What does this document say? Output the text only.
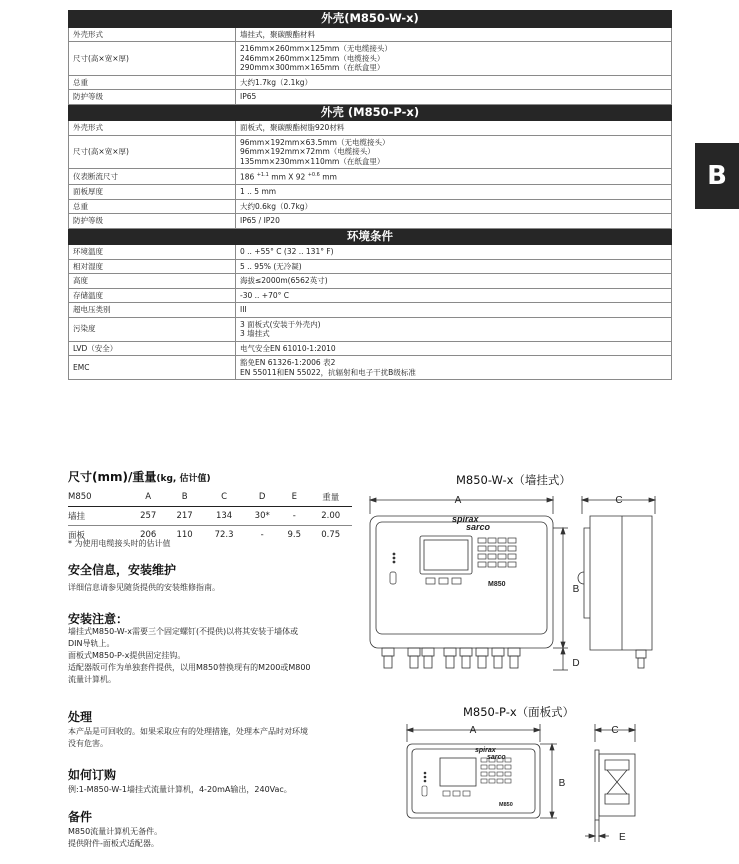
B
外壳(M850-W-x)	
外壳形式	墙挂式，聚碳酸酯材料
尺寸(高×宽×厚)	216mm×260mm×125mm（无电缆接头）
246mm×260mm×125mm（电缆接头）
290mm×300mm×165mm（在纸盒里）
总重	大约1.7kg（2.1kg）
防护等级	IP65
外壳 (M850-P-x)	
外壳形式	面板式，聚碳酸酯树脂920材料
尺寸(高×宽×厚)	96mm×192mm×63.5mm（无电缆接头）
96mm×192mm×72mm（电缆接头）
135mm×230mm×110mm（在纸盒里）
仪表断流尺寸	186 $^{+1.1}$ mm X 92 $^{+0.6}$ mm
面板厚度	1 .. 5 mm
总重	大约0.6kg（0.7kg）
防护等级	IP65 / IP20
环境条件	
环境温度	0 .. +55° C (32 .. 131° F)
相对湿度	5 .. 95% (无冷凝)
高度	海拔≤2000m(6562英寸)
存储温度	-30 .. +70° C
超电压类别	III
污染度	3 面板式(安装于外壳内)
3 墙挂式
LVD（安全）	电气安全EN 61010-1:2010
EMC	豁免EN 61326-1:2006 表2
EN 55011和EN 55022，抗辐射和电子干扰B级标准
尺寸(mm)/重量(kg, 估计值)
M850	A	B	C	D	E	重量
墙挂	257	217	134	30*	-	2.00
面板	206	110	72.3	-	9.5	0.75
* 为使用电缆接头时的估计值
安全信息，安装维护
详细信息请参见随货提供的安装维修指南。
安装注意：
墙挂式M850-W-x需要三个固定螺钉(不提供)以将其安装于墙体或
DIN导轨上。
面板式M850-P-x提供固定挂钩。
适配器版可作为单独套件提供，以用M850替换现有的M200或M800
流量计算机。
处理
本产品是可回收的。如果采取应有的处理措施，处理本产品时对环境
没有危害。
如何订购
例:1-M850-W-1墙挂式流量计算机，4-20mA输出，240Vac。
备件
M850流量计算机无备件。
提供附件-面板式适配器。
M850-W-x（墙挂式）
M850-P-x（面板式）
A
B
D
C
spirax
sarco
M850
A
B
C
E
spirax
sarco
M850
